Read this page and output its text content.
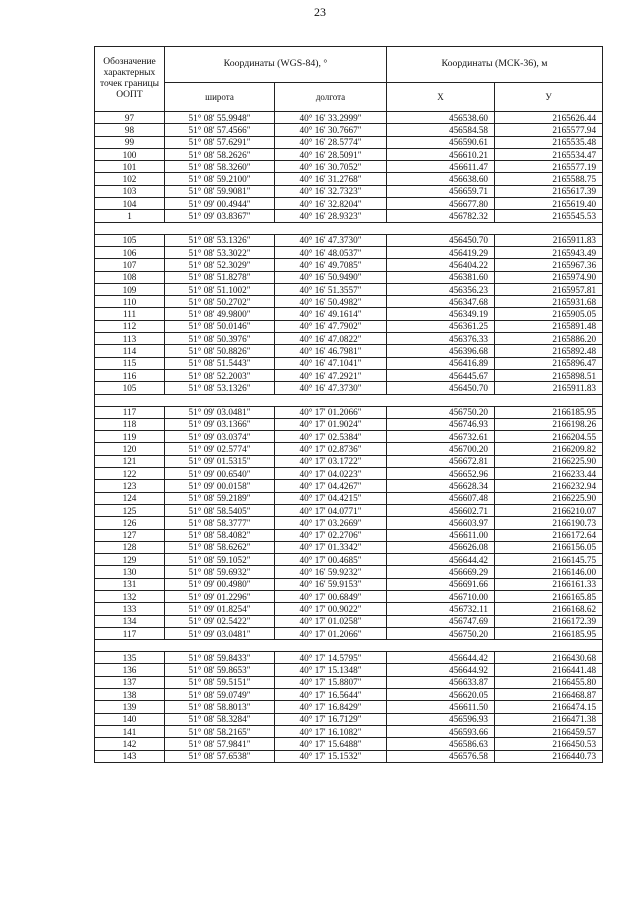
23
Обозначение характерных точек границы ООПТ	Координаты (WGS-84), °		Координаты (МСК-36), м	
	широта	долгота	X	У
97	51° 08' 55.9948"	40° 16' 33.2999"	456538.60	2165626.44
98	51° 08' 57.4566"	40° 16' 30.7667"	456584.58	2165577.94
99	51° 08' 57.6291"	40° 16' 28.5774"	456590.61	2165535.48
100	51° 08' 58.2626"	40° 16' 28.5091"	456610.21	2165534.47
101	51° 08' 58.3260"	40° 16' 30.7052"	456611.47	2165577.19
102	51° 08' 59.2100"	40° 16' 31.2768"	456638.60	2165588.75
103	51° 08' 59.9081"	40° 16' 32.7323"	456659.71	2165617.39
104	51° 09' 00.4944"	40° 16' 32.8204"	456677.80	2165619.40
1	51° 09' 03.8367"	40° 16' 28.9323"	456782.32	2165545.53

105	51° 08' 53.1326"	40° 16' 47.3730"	456450.70	2165911.83
106	51° 08' 53.3022"	40° 16' 48.0537"	456419.29	2165943.49
107	51° 08' 52.3029"	40° 16' 49.7085"	456404.22	2165967.36
108	51° 08' 51.8278"	40° 16' 50.9490"	456381.60	2165974.90
109	51° 08' 51.1002"	40° 16' 51.3557"	456356.23	2165957.81
110	51° 08' 50.2702"	40° 16' 50.4982"	456347.68	2165931.68
111	51° 08' 49.9800"	40° 16' 49.1614"	456349.19	2165905.05
112	51° 08' 50.0146"	40° 16' 47.7902"	456361.25	2165891.48
113	51° 08' 50.3976"	40° 16' 47.0822"	456376.33	2165886.20
114	51° 08' 50.8826"	40° 16' 46.7981"	456396.68	2165892.48
115	51° 08' 51.5443"	40° 16' 47.1041"	456416.89	2165896.47
116	51° 08' 52.2003"	40° 16' 47.2921"	456445.67	2165898.51
105	51° 08' 53.1326"	40° 16' 47.3730"	456450.70	2165911.83

117	51° 09' 03.0481"	40° 17' 01.2066"	456750.20	2166185.95
118	51° 09' 03.1366"	40° 17' 01.9024"	456746.93	2166198.26
119	51° 09' 03.0374"	40° 17' 02.5384"	456732.61	2166204.55
120	51° 09' 02.5774"	40° 17' 02.8736"	456700.20	2166209.82
121	51° 09' 01.5315"	40° 17' 03.1722"	456672.81	2166225.90
122	51° 09' 00.6540"	40° 17' 04.0223"	456652.96	2166233.44
123	51° 09' 00.0158"	40° 17' 04.4267"	456628.34	2166232.94
124	51° 08' 59.2189"	40° 17' 04.4215"	456607.48	2166225.90
125	51° 08' 58.5405"	40° 17' 04.0771"	456602.71	2166210.07
126	51° 08' 58.3777"	40° 17' 03.2669"	456603.97	2166190.73
127	51° 08' 58.4082"	40° 17' 02.2706"	456611.00	2166172.64
128	51° 08' 58.6262"	40° 17' 01.3342"	456626.08	2166156.05
129	51° 08' 59.1052"	40° 17' 00.4685"	456644.42	2166145.75
130	51° 08' 59.6932"	40° 16' 59.9232"	456669.29	2166146.00
131	51° 09' 00.4980"	40° 16' 59.9153"	456691.66	2166161.33
132	51° 09' 01.2296"	40° 17' 00.6849"	456710.00	2166165.85
133	51° 09' 01.8254"	40° 17' 00.9022"	456732.11	2166168.62
134	51° 09' 02.5422"	40° 17' 01.0258"	456747.69	2166172.39
117	51° 09' 03.0481"	40° 17' 01.2066"	456750.20	2166185.95

135	51° 08' 59.8433"	40° 17' 14.5795"	456644.42	2166430.68
136	51° 08' 59.8653"	40° 17' 15.1348"	456644.92	2166441.48
137	51° 08' 59.5151"	40° 17' 15.8807"	456633.87	2166455.80
138	51° 08' 59.0749"	40° 17' 16.5644"	456620.05	2166468.87
139	51° 08' 58.8013"	40° 17' 16.8429"	456611.50	2166474.15
140	51° 08' 58.3284"	40° 17' 16.7129"	456596.93	2166471.38
141	51° 08' 58.2165"	40° 17' 16.1082"	456593.66	2166459.57
142	51° 08' 57.9841"	40° 17' 15.6488"	456586.63	2166450.53
143	51° 08' 57.6538"	40° 17' 15.1532"	456576.58	2166440.73
